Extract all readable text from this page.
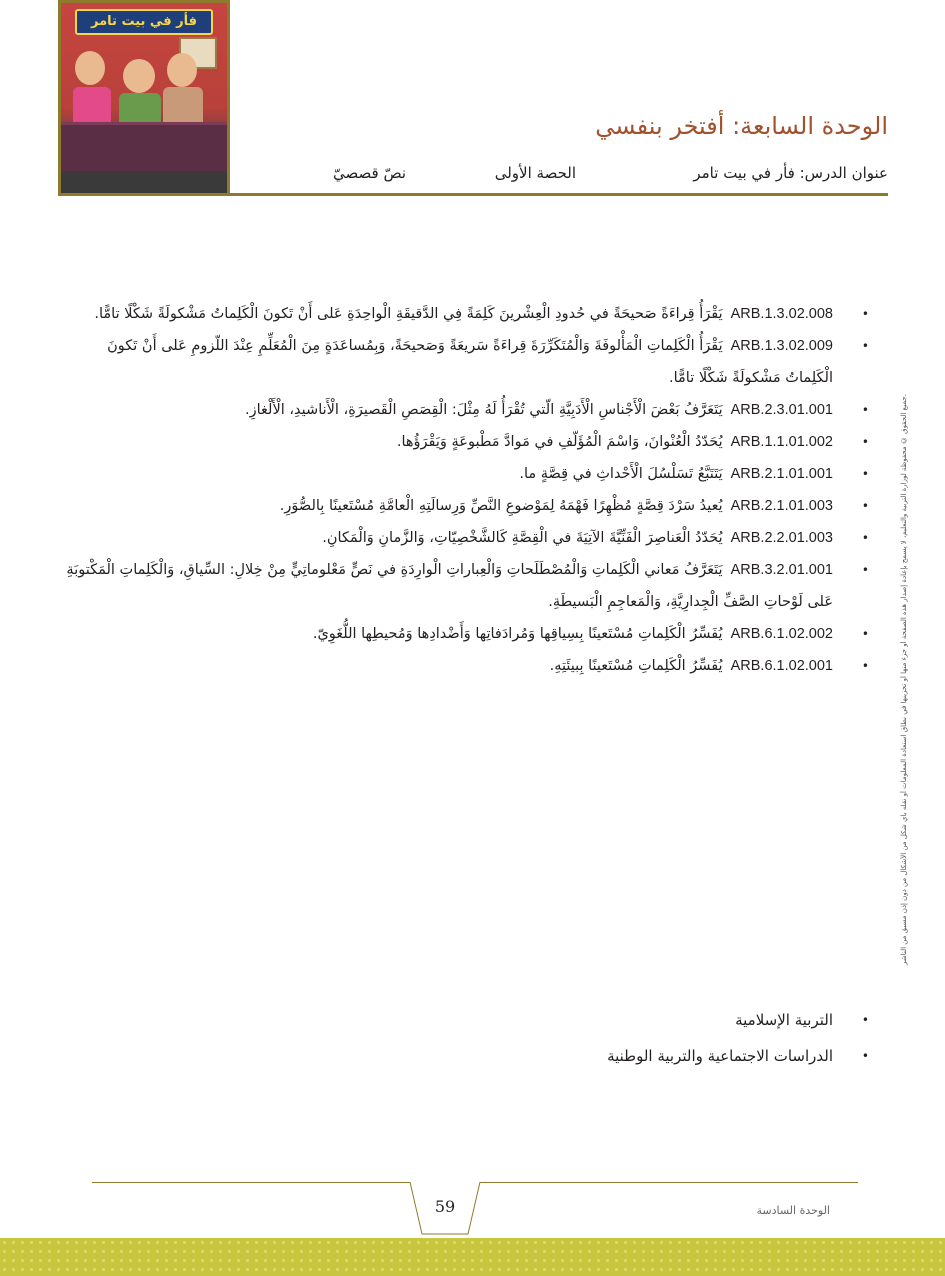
فأر في بيت تامر
الوحدة السابعة: أفتخر بنفسي
عنوان الدرس: فأر في بيت تامر
الحصة الأولى
نصّ قصصيّ
جميع الحقوق © محفوظة لوزارة التربية والتعليم، لا يسمح بإعادة إصدار هذه الصفحة أو جزء منها أو تخزينها في نطاق استعادة المعلومات أو نقله بأي شكل من الأشكال من دون إذن مسبق من الناشر.
• ARB.1.3.02.008يَقْرَأُ قِراءَةً صَحيحَةً في حُدودِ الْعِشْرينَ كَلِمَةً فِي الدَّقيقَةِ الْواحِدَةِ عَلى أَنْ تَكونَ الْكَلِماتُ مَشْكولَةً شَكْلًا تامًّا.
• ARB.1.3.02.009يَقْرَأُ الْكَلِماتِ الْمَأْلوفَةَ وَالْمُتَكَرِّرَةَ قِراءَةً سَريعَةً وَصَحيحَةً، وَبِمُساعَدَةٍ مِنَ الْمُعَلِّمِ عِنْدَ اللّزومِ عَلى أَنْ تَكونَ الْكَلِماتُ مَشْكولَةً شَكْلًا تامًّا.
• ARB.2.3.01.001يَتَعَرَّفُ بَعْضَ الْأَجْناسِ الْأَدَبِيَّةِ الّتي تُقْرَأُ لَهُ مِثْلَ: الْقِصَصِ الْقَصيرَةِ، الْأَناشيدِ، الْأَلْغازِ.
• ARB.1.1.01.002يُحَدّدُ الْعُنْوانَ، وَاسْمَ الْمُؤَلّفِ في مَوادَّ مَطْبوعَةٍ وَيَقْرَؤُها.
• ARB.2.1.01.001يَتَتَبَّعُ تَسَلْسُلَ الْأَحْداثِ في قِصَّةٍ ما.
• ARB.2.1.01.003يُعيدُ سَرْدَ قِصَّةٍ مُظْهِرًا فَهْمَهُ لِمَوْضوعِ النَّصِّ وَرِسالَتِهِ الْعامَّةِ مُسْتَعينًا بِالصُّوَرِ.
• ARB.2.2.01.003يُحَدّدُ الْعَناصِرَ الْفَنِّيَّةَ الآتِيَةَ في الْقِصَّةِ كَالشَّخْصِيّاتِ، وَالزَّمانِ وَالْمَكانِ.
• ARB.3.2.01.001يَتَعَرَّفُ مَعاني الْكَلِماتِ وَالْمُصْطَلَحاتِ وَالْعِباراتِ الْوارِدَةِ في نَصٍّ مَعْلوماتِيٍّ مِنْ خِلالِ: السِّياقِ، وَالْكَلِماتِ الْمَكْتوبَةِ عَلى لَوْحاتِ الصَّفِّ الْجِدارِيَّةِ، وَالْمَعاجِمِ الْبَسيطَةِ.
• ARB.6.1.02.002يُفَسِّرُ الْكَلِماتِ مُسْتَعينًا بِسِياقِها وَمُرادَفاتِها وَأَضْدادِها وَمُحيطِها اللُّغَوِيّ.
• ARB.6.1.02.001يُفَسِّرُ الْكَلِماتِ مُسْتَعينًا بِبيئَتِهِ.
• التربية الإسلامية
• الدراسات الاجتماعية والتربية الوطنية
59	الوحدة السادسة
